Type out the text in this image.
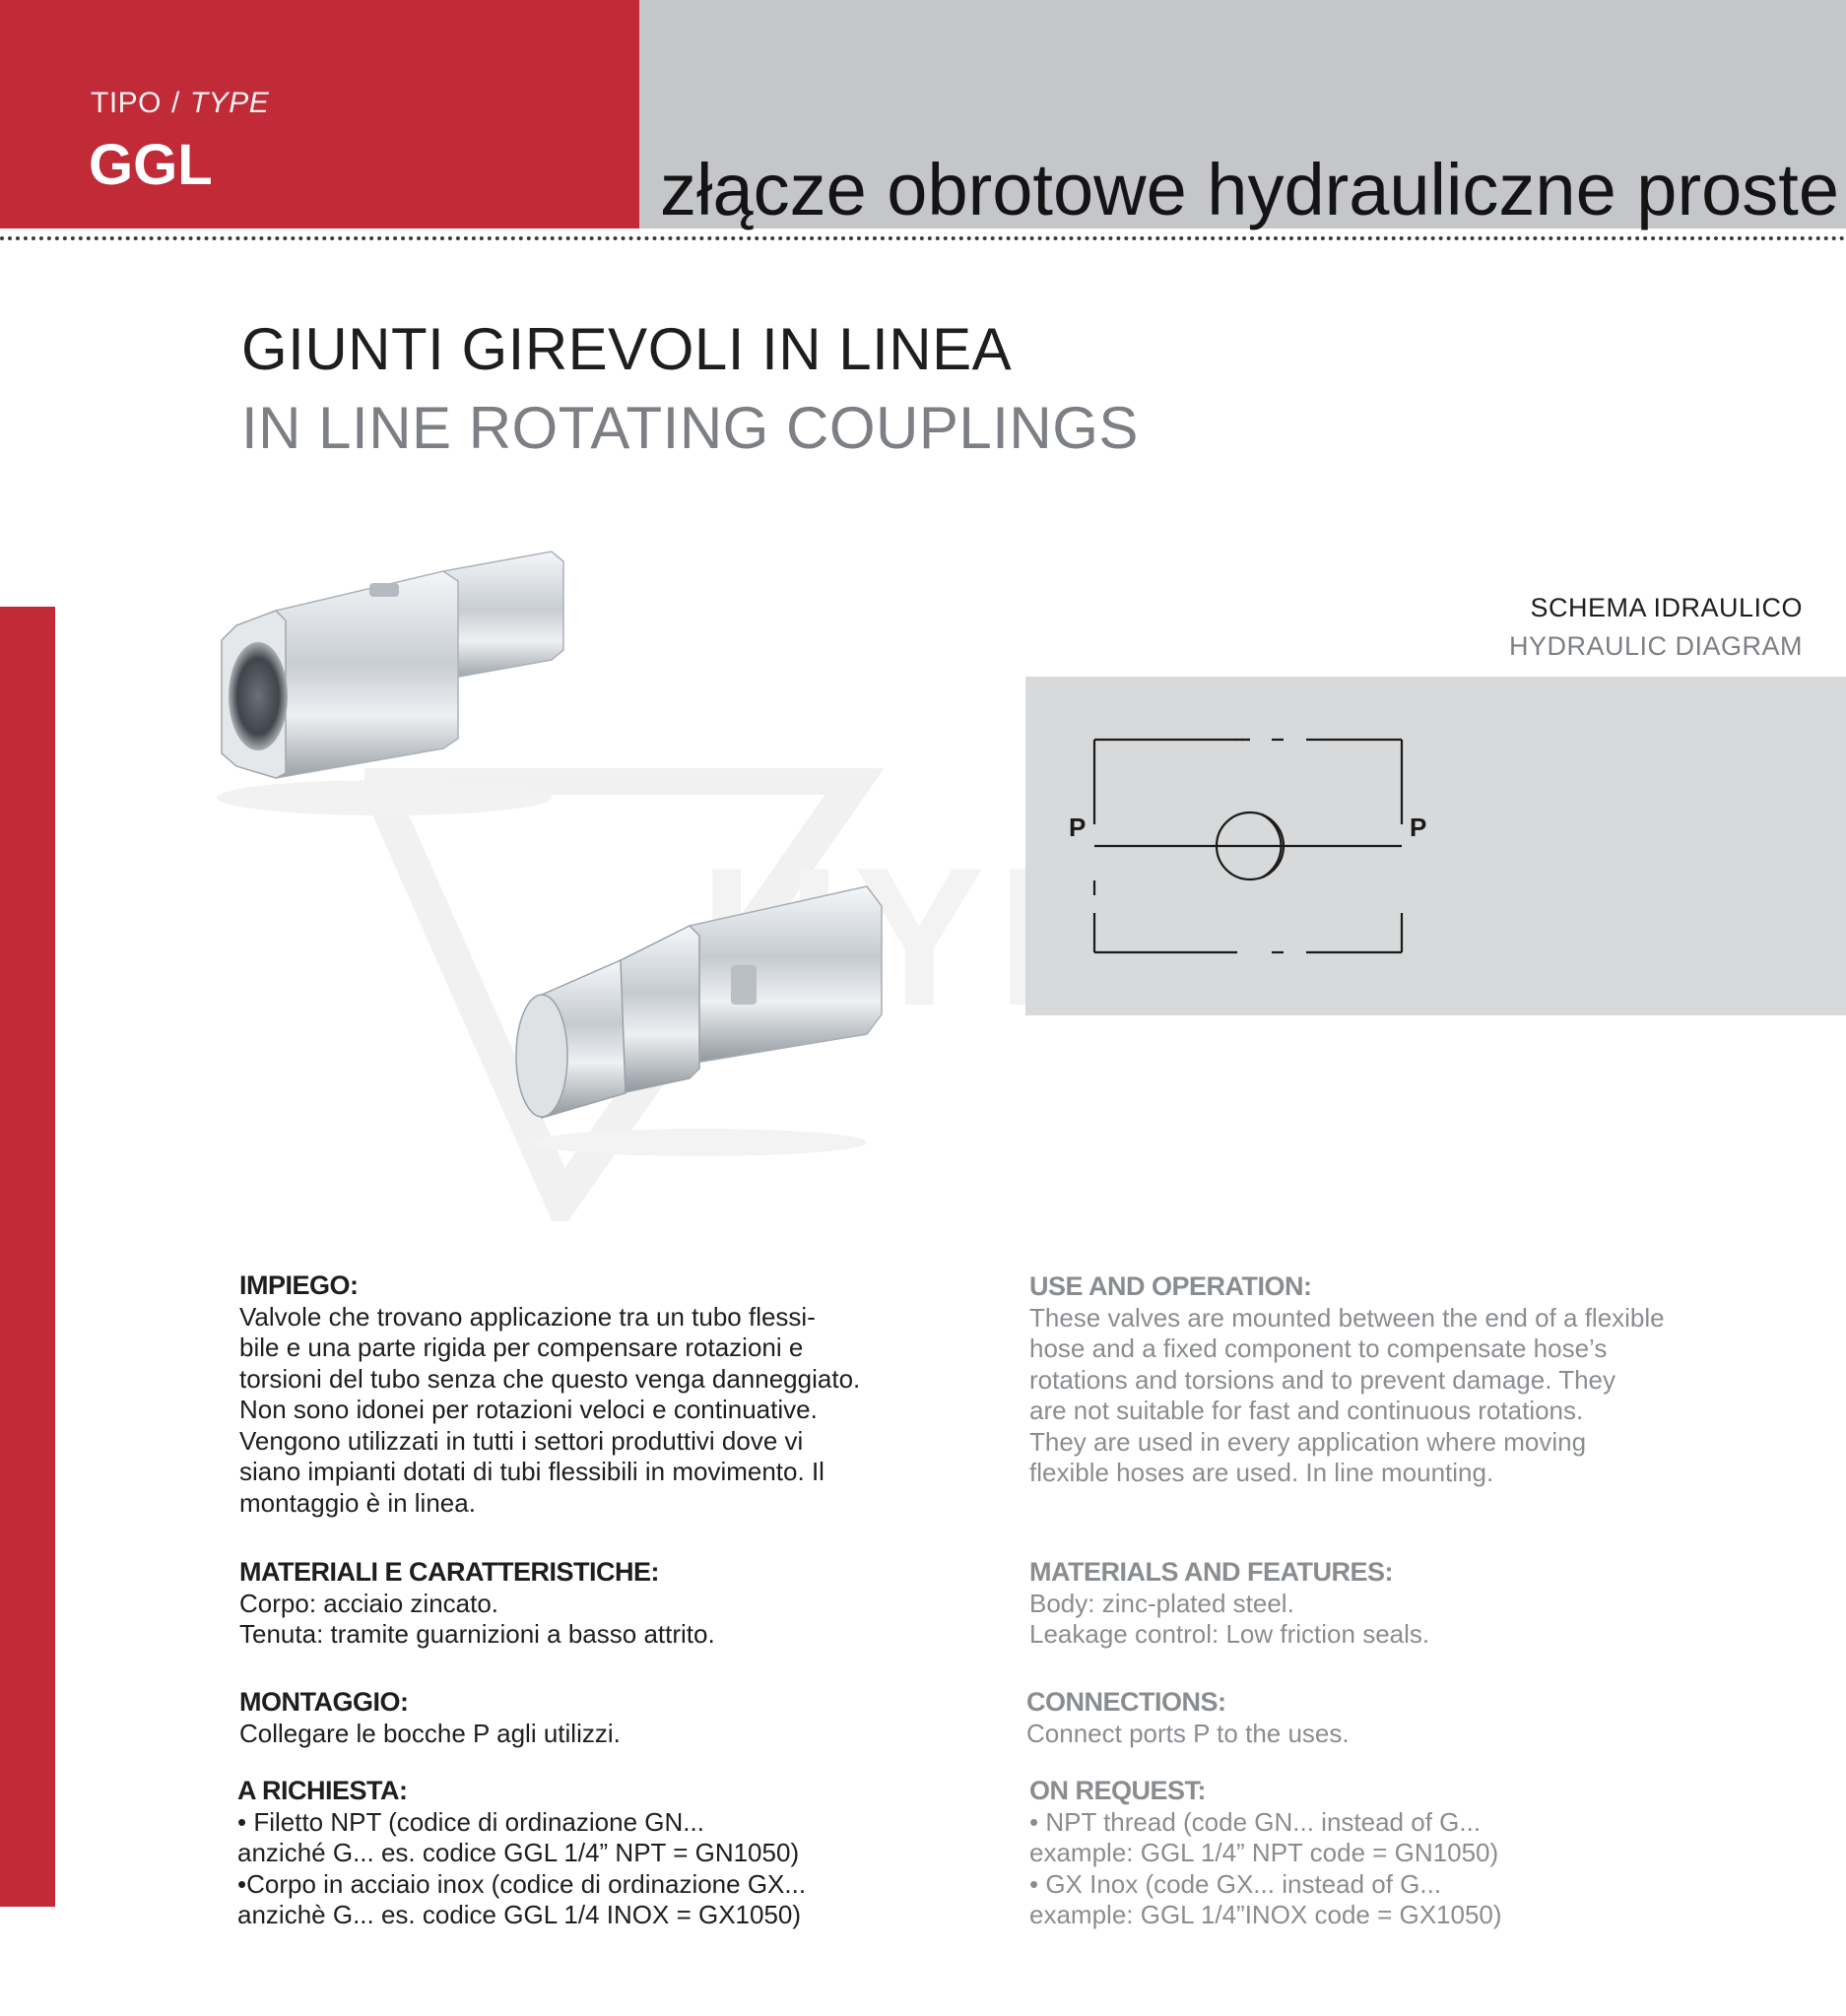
TIPO / TYPE
GGL	złącze obrotowe hydrauliczne proste
GIUNTI GIREVOLI IN LINEA
IN LINE ROTATING COUPLINGS
SCHEMA IDRAULICO
HYDRAULIC DIAGRAM
P	P
IMPIEGO:
Valvole che trovano applicazione tra un tubo flessi-
bile e una parte rigida per compensare rotazioni e
torsioni del tubo senza che questo venga danneggiato.
Non sono idonei per rotazioni veloci e continuative.
Vengono utilizzati in tutti i settori produttivi dove vi
siano impianti dotati di tubi flessibili in movimento. Il
montaggio è in linea.
MATERIALI E CARATTERISTICHE:
Corpo: acciaio zincato.
Tenuta: tramite guarnizioni a basso attrito.
MONTAGGIO:
Collegare le bocche P agli utilizzi.
A RICHIESTA:
• Filetto NPT (codice di ordinazione GN...
anziché G... es. codice GGL 1/4” NPT = GN1050)
•Corpo in acciaio inox (codice di ordinazione GX...
anzichè G... es. codice GGL 1/4 INOX = GX1050)
USE AND OPERATION:
These valves are mounted between the end of a flexible
hose and a fixed component to compensate hose’s
rotations and torsions and to prevent damage. They
are not suitable for fast and continuous rotations.
They are used in every application where moving
flexible hoses are used. In line mounting.
MATERIALS AND FEATURES:
Body: zinc-plated steel.
Leakage control: Low friction seals.
CONNECTIONS:
Connect ports P to the uses.
ON REQUEST:
• NPT thread (code GN... instead of G...
example: GGL 1/4” NPT code = GN1050)
• GX Inox (code GX... instead of G...
example: GGL 1/4”INOX code = GX1050)
